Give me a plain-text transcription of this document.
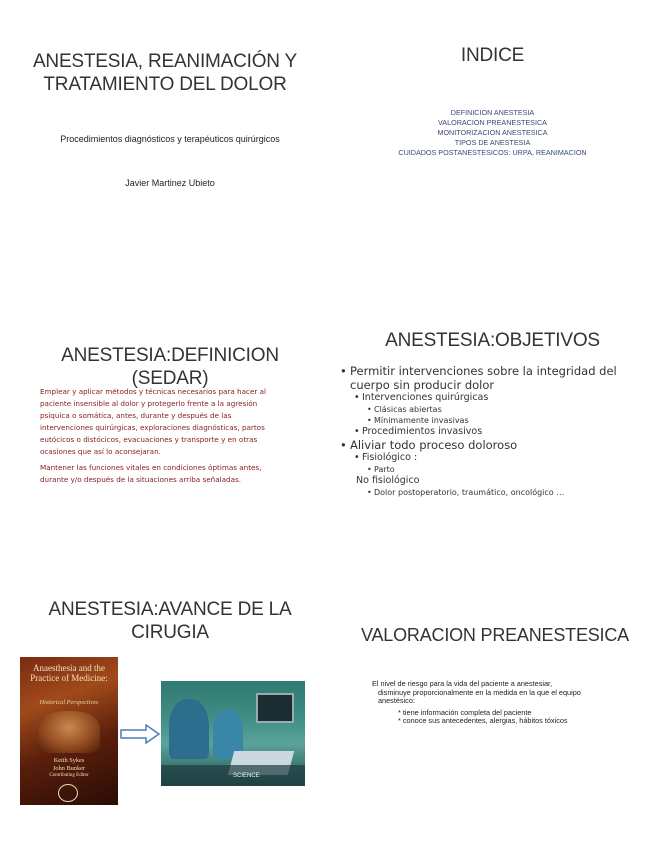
ANESTESIA, REANIMACIÓN Y
TRATAMIENTO DEL DOLOR
Procedimientos diagnósticos y terapéuticos quirúrgicos
Javier Martinez Ubieto
INDICE
DEFINICION ANESTESIA
VALORACION PREANESTESICA
MONITORIZACION ANESTESICA
TIPOS DE ANESTESIA
CUIDADOS POSTANESTESICOS: URPA, REANIMACION
ANESTESIA:DEFINICION (SEDAR)
Emplear y aplicar métodos y técnicas necesarios para hacer al paciente insensible al dolor y protegerlo frente a la agresión psíquica o somática, antes, durante y después de las intervenciones quirúrgicas, exploraciones diagnósticas, partos eutócicos o distócicos, evacuaciones y transporte y en otras ocasiones que así lo aconsejaran.
Mantener las funciones vitales en condiciones óptimas antes, durante y/o después de la situaciones arriba señaladas.
ANESTESIA:OBJETIVOS
• Permitir intervenciones sobre la integridad del cuerpo sin producir dolor
• Intervenciones quirúrgicas
• Clásicas abiertas
• Mínimamente invasivas
• Procedimientos invasivos
• Aliviar todo proceso doloroso
• Fisiológico :
• Parto
No fisiológico
• Dolor postoperatorio, traumático, oncológico …
ANESTESIA:AVANCE DE LA
CIRUGIA
Anaesthesia and the Practice of Medicine:
Historical Perspectives
Keith Sykes
John Bunker
Contributing Editor	SCIENCE
VALORACION PREANESTESICA
El nivel de riesgo para la vida del paciente a anestesiar,
disminuye proporcionalmente en la medida en la que el equipo
anestésico:
* tiene información completa del paciente
* conoce sus antecedentes, alergias, hábitos tóxicos
